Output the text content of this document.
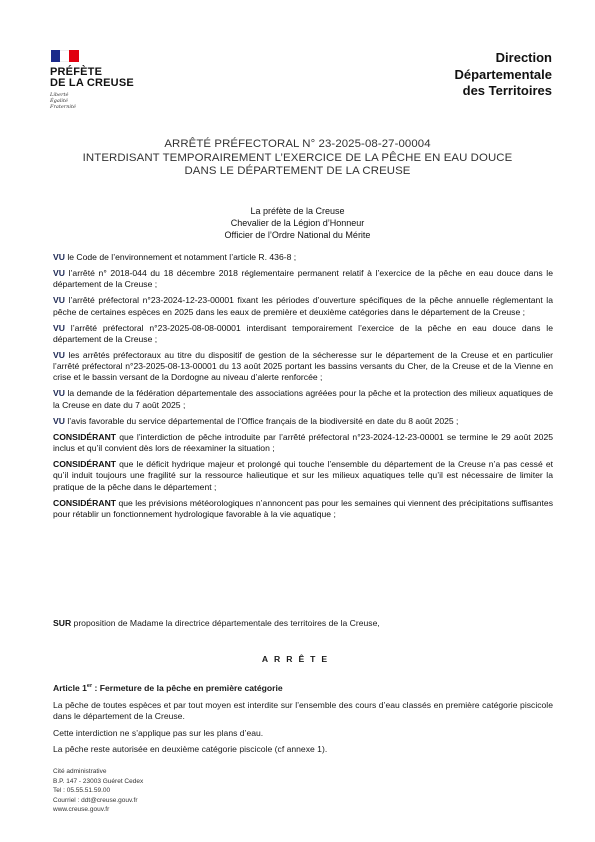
PRÉFÈTE
DE LA CREUSE
Liberté
Égalité
Fraternité
Direction
Départementale
des Territoires
ARRÊTÉ PRÉFECTORAL N° 23-2025-08-27-00004
INTERDISANT TEMPORAIREMENT L’EXERCICE DE LA PÊCHE EN EAU DOUCE
DANS LE DÉPARTEMENT DE LA CREUSE
La préfète de la Creuse
Chevalier de la Légion d’Honneur
Officier de l’Ordre National du Mérite

VU le Code de l’environnement et notamment l’article R. 436-8 ;

VU l’arrêté n° 2018-044 du 18 décembre 2018 réglementaire permanent relatif à l’exercice de la pêche en eau douce dans le département de la Creuse ;

VU l’arrêté préfectoral n°23-2024-12-23-00001 fixant les périodes d’ouverture spécifiques de la pêche annuelle réglementant la pêche de certaines espèces en 2025 dans les eaux de première et deuxième catégories dans le département de la Creuse ;

VU l’arrêté préfectoral n°23-2025-08-08-00001 interdisant temporairement l’exercice de la pêche en eau douce dans le département de la Creuse ;

VU les arrêtés préfectoraux au titre du dispositif de gestion de la sécheresse sur le département de la Creuse et en particulier l’arrêté préfectoral n°23-2025-08-13-00001 du 13 août 2025 portant les bassins versants du Cher, de la Creuse et de la Vienne en crise et le bassin versant de la Dordogne au niveau d’alerte renforcée ;

VU la demande de la fédération départementale des associations agréées pour la pêche et la protection des milieux aquatiques de la Creuse en date du 7 août 2025 ;

VU l’avis favorable du service départemental de l’Office français de la biodiversité en date du 8 août 2025 ;

CONSIDÉRANT que l’interdiction de pêche introduite par l’arrêté préfectoral n°23-2024-12-23-00001 se termine le 29 août 2025 inclus et qu’il convient dès lors de réexaminer la situation ;

CONSIDÉRANT que le déficit hydrique majeur et prolongé qui touche l’ensemble du département de la Creuse n’a pas cessé et qu’il induit toujours une fragilité sur la ressource halieutique et sur les milieux aquatiques telle qu’il est nécessaire de limiter la pratique de la pêche dans le département ;

CONSIDÉRANT que les prévisions météorologiques n’annoncent pas pour les semaines qui viennent des précipitations suffisantes pour rétablir un fonctionnement hydrologique favorable à la vie aquatique ;

SUR proposition de Madame la directrice départementale des territoires de la Creuse,
ARRÊTE
Article 1er : Fermeture de la pêche en première catégorie

La pêche de toutes espèces et par tout moyen est interdite sur l’ensemble des cours d’eau classés en première catégorie piscicole dans le département de la Creuse.

Cette interdiction ne s’applique pas sur les plans d’eau.

La pêche reste autorisée en deuxième catégorie piscicole (cf annexe 1).

Cité administrative
B.P. 147 - 23003 Guéret Cedex
Tel : 05.55.51.59.00
Courriel : ddt@creuse.gouv.fr
www.creuse.gouv.fr
